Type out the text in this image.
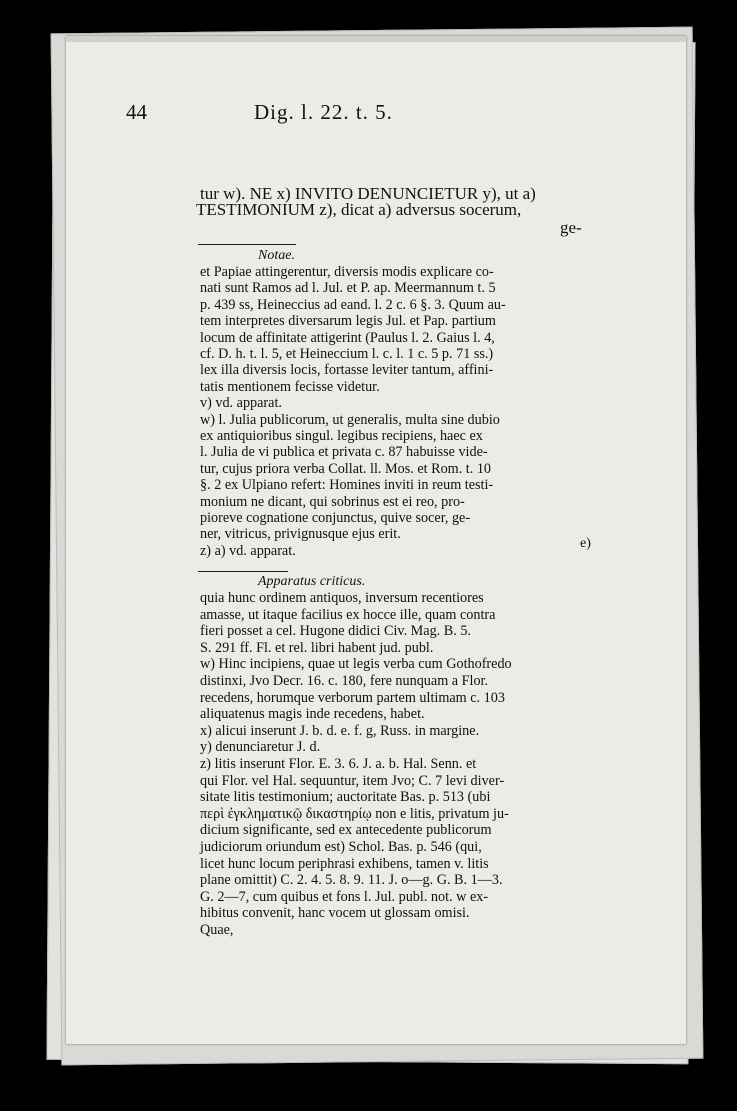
44	Dig. l. 22. t. 5.
tur w). NE x) INVITO DENUNCIETUR y), ut a)
TESTIMONIUM z), dicat a) adversus socerum,
ge-
Notae.
et Papiae attingerentur, diversis modis explicare co-
nati sunt Ramos ad l. Jul. et P. ap. Meermannum t. 5
p. 439 ss, Heineccius ad eand. l. 2 c. 6 §. 3. Quum au-
tem interpretes diversarum legis Jul. et Pap. partium
locum de affinitate attigerint (Paulus l. 2. Gaius l. 4,
cf. D. h. t. l. 5, et Heineccium l. c. l. 1 c. 5 p. 71 ss.)
lex illa diversis locis, fortasse leviter tantum, affini-
tatis mentionem fecisse videtur.
v) vd. apparat.
w) l. Julia publicorum, ut generalis, multa sine dubio
ex antiquioribus singul. legibus recipiens, haec ex
l. Julia de vi publica et privata c. 87 habuisse vide-
tur, cujus priora verba Collat. ll. Mos. et Rom. t. 10
§. 2 ex Ulpiano refert: Homines inviti in reum testi-
monium ne dicant, qui sobrinus est ei reo, pro-
pioreve cognatione conjunctus, quive socer, ge-
ner, vitricus, privignusque ejus erit.
z) a) vd. apparat.	e)
Apparatus criticus.
quia hunc ordinem antiquos, inversum recentiores
amasse, ut itaque facilius ex hocce ille, quam contra
fieri posset a cel. Hugone didici Civ. Mag. B. 5.
S. 291 ff. Fl. et rel. libri habent jud. publ.
w) Hinc incipiens, quae ut legis verba cum Gothofredo
distinxi, Jvo Decr. 16. c. 180, fere nunquam a Flor.
recedens, horumque verborum partem ultimam c. 103
aliquatenus magis inde recedens, habet.
x) alicui inserunt J. b. d. e. f. g, Russ. in margine.
y) denunciaretur J. d.
z) litis inserunt Flor. E. 3. 6. J. a. b. Hal. Senn. et
qui Flor. vel Hal. sequuntur, item Jvo; C. 7 levi diver-
sitate litis testimonium; auctoritate Bas. p. 513 (ubi
περὶ ἐγκληματικῷ δικαστηρίῳ non e litis, privatum ju-
dicium significante, sed ex antecedente publicorum
judiciorum oriundum est) Schol. Bas. p. 546 (qui,
licet hunc locum periphrasi exhibens, tamen v. litis
plane omittit) C. 2. 4. 5. 8. 9. 11. J. o—g. G. B. 1—3.
G. 2—7, cum quibus et fons l. Jul. publ. not. w ex-
hibitus convenit, hanc vocem ut glossam omisi.
Quae,
